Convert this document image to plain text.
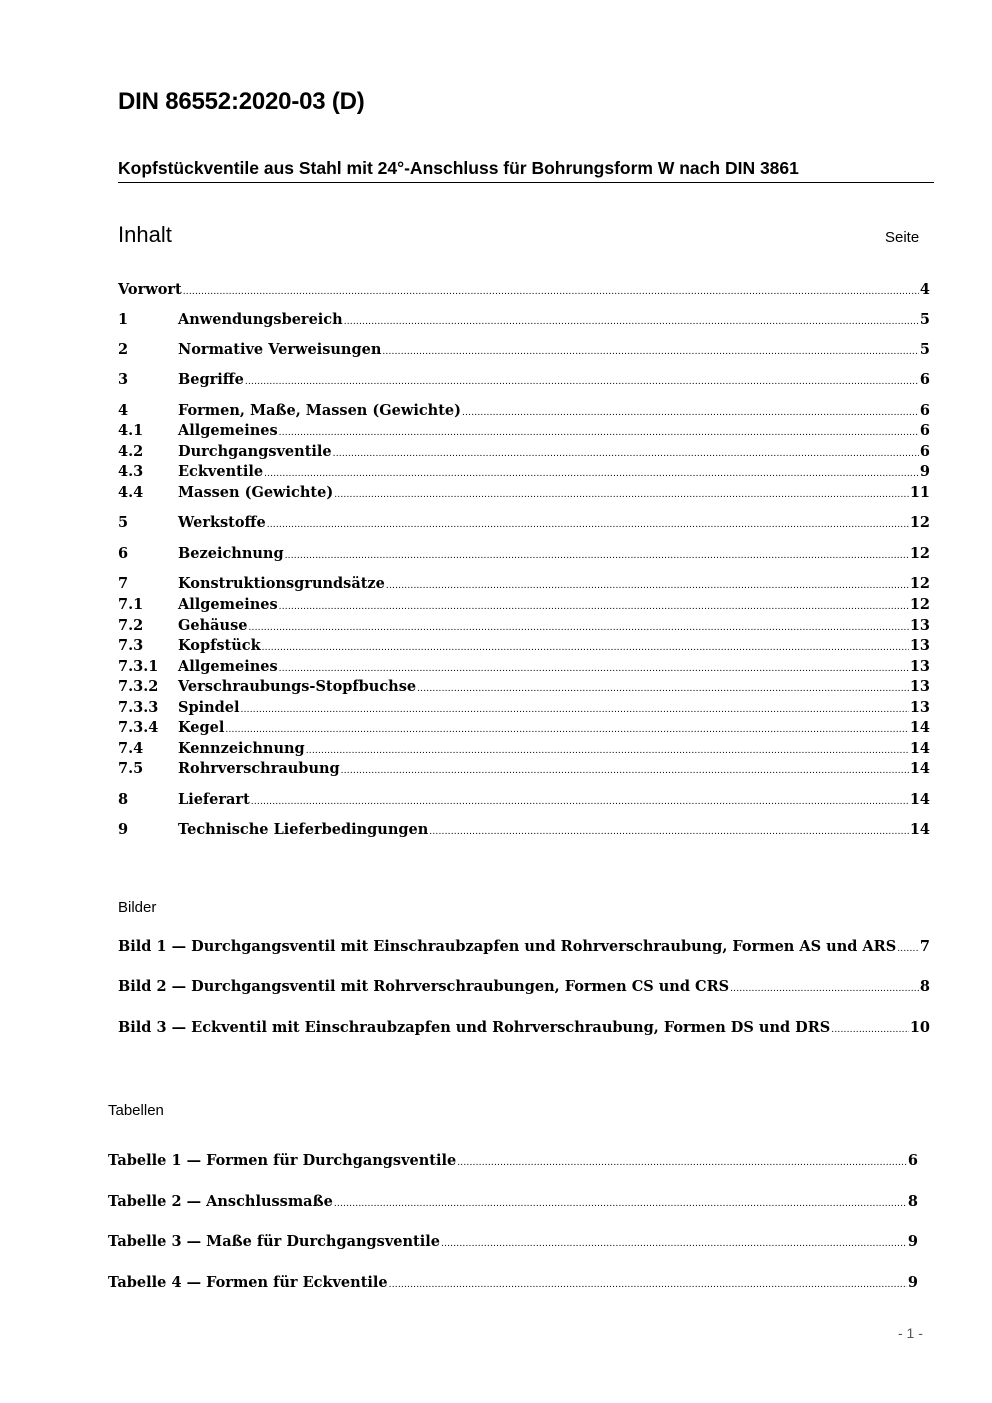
DIN 86552:2020-03 (D)
Kopfstückventile aus Stahl mit 24°-Anschluss für Bohrungsform W nach DIN 3861
Inhalt	Seite
Vorwort .....	4
1	Anwendungsbereich .....	5
2	Normative Verweisungen .....	5
3	Begriffe .....	6
4	Formen, Maße, Massen (Gewichte) .....	6
4.1	Allgemeines .....	6
4.2	Durchgangsventile .....	6
4.3	Eckventile .....	9
4.4	Massen (Gewichte) .....	11
5	Werkstoffe .....	12
6	Bezeichnung .....	12
7	Konstruktionsgrundsätze .....	12
7.1	Allgemeines .....	12
7.2	Gehäuse .....	13
7.3	Kopfstück .....	13
7.3.1	Allgemeines .....	13
7.3.2	Verschraubungs-Stopfbuchse .....	13
7.3.3	Spindel .....	13
7.3.4	Kegel .....	14
7.4	Kennzeichnung .....	14
7.5	Rohrverschraubung .....	14
8	Lieferart .....	14
9	Technische Lieferbedingungen .....	14
Bilder
Bild 1 — Durchgangsventil mit Einschraubzapfen und Rohrverschraubung, Formen AS und ARS ..... 7
Bild 2 — Durchgangsventil mit Rohrverschraubungen, Formen CS und CRS .....	8
Bild 3 — Eckventil mit Einschraubzapfen und Rohrverschraubung, Formen DS und DRS .....	10
Tabellen
Tabelle 1 — Formen für Durchgangsventile .....	6
Tabelle 2 — Anschlussmaße .....	8
Tabelle 3 — Maße für Durchgangsventile .....	9
Tabelle 4 — Formen für Eckventile .....	9
- 1 -
